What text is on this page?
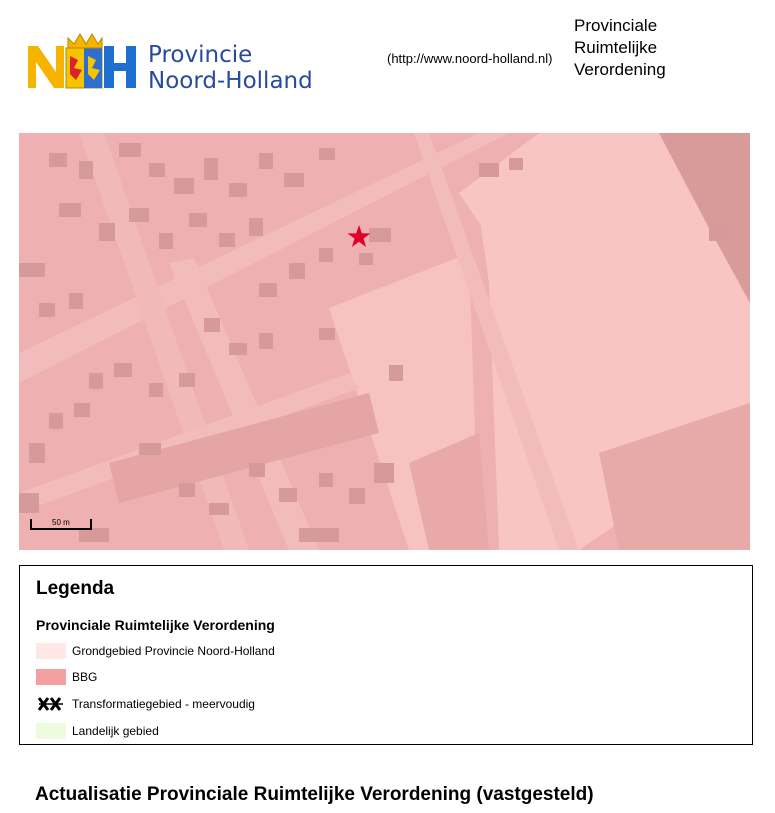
Provincie
Noord-Holland
(http://www.noord-holland.nl)
Provinciale
Ruimtelijke
Verordening
50 m
Legenda
Provinciale Ruimtelijke Verordening
Grondgebied Provincie Noord-Holland
BBG
Transformatiegebied - meervoudig
Landelijk gebied
Actualisatie Provinciale Ruimtelijke Verordening (vastgesteld)
